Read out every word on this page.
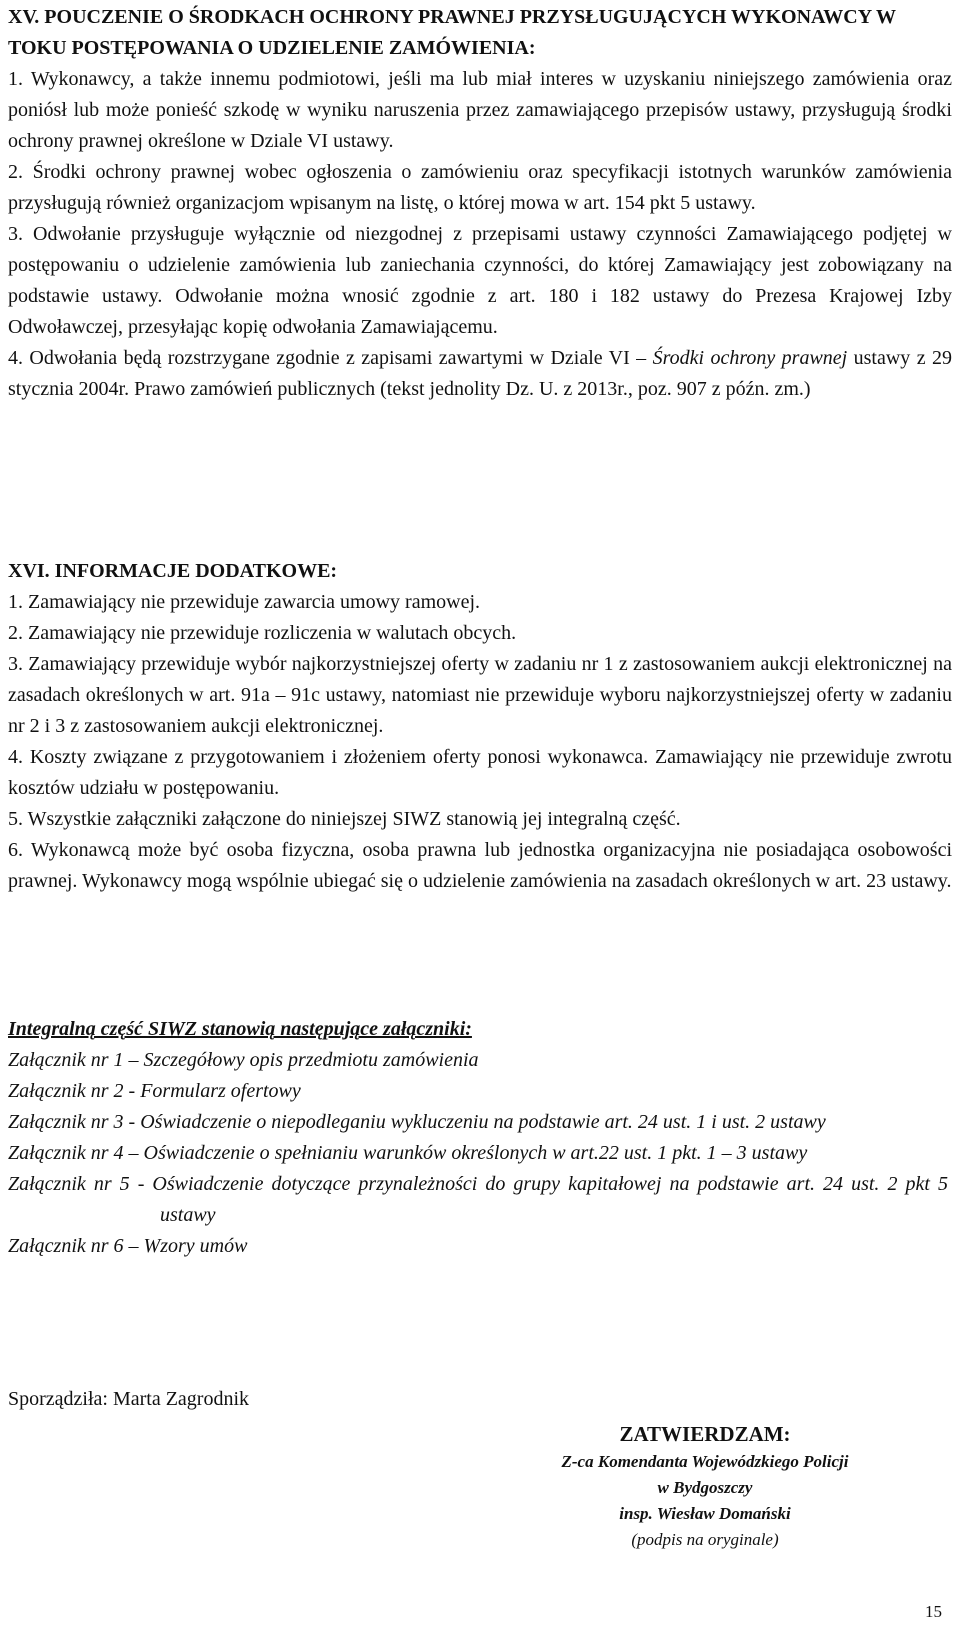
XV. POUCZENIE O ŚRODKACH OCHRONY PRAWNEJ PRZYSŁUGUJĄCYCH WYKONAWCY W TOKU POSTĘPOWANIA O UDZIELENIE ZAMÓWIENIA:

1. Wykonawcy, a także innemu podmiotowi, jeśli ma lub miał interes w uzyskaniu niniejszego zamówienia oraz poniósł lub może ponieść szkodę w wyniku naruszenia przez zamawiającego przepisów ustawy, przysługują środki ochrony prawnej określone w Dziale VI ustawy.

2. Środki ochrony prawnej wobec ogłoszenia o zamówieniu oraz specyfikacji istotnych warunków zamówienia przysługują również organizacjom wpisanym na listę, o której mowa w art. 154 pkt 5 ustawy.

3. Odwołanie przysługuje wyłącznie od niezgodnej z przepisami ustawy czynności Zamawiającego podjętej w postępowaniu o udzielenie zamówienia lub zaniechania czynności, do której Zamawiający jest zobowiązany na podstawie ustawy. Odwołanie można wnosić zgodnie z art. 180 i 182 ustawy do Prezesa Krajowej Izby Odwoławczej, przesyłając kopię odwołania Zamawiającemu.

4. Odwołania będą rozstrzygane zgodnie z zapisami zawartymi w Dziale VI – Środki ochrony prawnej ustawy z 29 stycznia 2004r. Prawo zamówień publicznych (tekst jednolity Dz. U. z 2013r., poz. 907 z późn. zm.)

XVI. INFORMACJE DODATKOWE:

1. Zamawiający nie przewiduje zawarcia umowy ramowej.

2. Zamawiający nie przewiduje rozliczenia w walutach obcych.

3. Zamawiający przewiduje wybór najkorzystniejszej oferty w zadaniu nr 1 z zastosowaniem aukcji elektronicznej na zasadach określonych w art. 91a – 91c ustawy, natomiast nie przewiduje wyboru najkorzystniejszej oferty w zadaniu nr 2 i 3 z zastosowaniem aukcji elektronicznej.

4. Koszty związane z przygotowaniem i złożeniem oferty ponosi wykonawca. Zamawiający nie przewiduje zwrotu kosztów udziału w postępowaniu.

5. Wszystkie załączniki załączone do niniejszej SIWZ stanowią jej integralną część.

6. Wykonawcą może być osoba fizyczna, osoba prawna lub jednostka organizacyjna nie posiadająca osobowości prawnej. Wykonawcy mogą wspólnie ubiegać się o udzielenie zamówienia na zasadach określonych w art. 23 ustawy.

Integralną część SIWZ stanowią następujące załączniki:

Załącznik nr 1 – Szczegółowy opis przedmiotu zamówienia

Załącznik nr 2 - Formularz ofertowy

Załącznik nr 3 - Oświadczenie o niepodleganiu wykluczeniu na podstawie art. 24 ust. 1 i ust. 2 ustawy

Załącznik nr 4 – Oświadczenie o spełnianiu warunków określonych w art.22 ust. 1 pkt. 1 – 3 ustawy

Załącznik nr 5 - Oświadczenie dotyczące przynależności do grupy kapitałowej na podstawie art. 24 ust. 2 pkt 5 ustawy

Załącznik nr 6 – Wzory umów

Sporządziła: Marta Zagrodnik
ZATWIERDZAM:
Z-ca Komendanta Wojewódzkiego Policji
w Bydgoszczy
insp. Wiesław Domański
(podpis na oryginale)
15
